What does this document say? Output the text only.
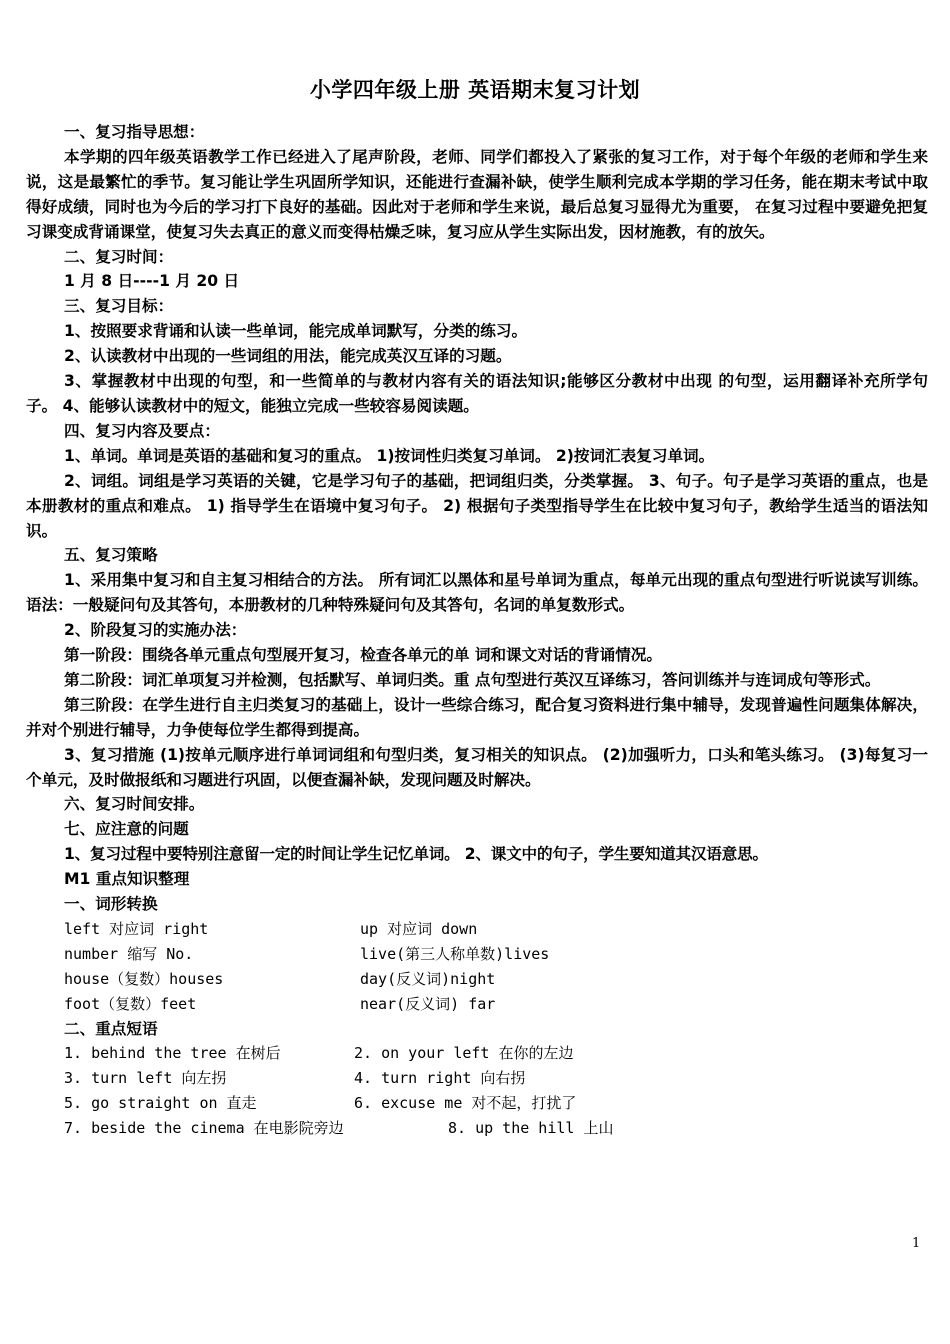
小学四年级上册 英语期末复习计划

一、复习指导思想：

本学期的四年级英语教学工作已经进入了尾声阶段，老师、同学们都投入了紧张的复习工作，对于每个年级的老师和学生来说，这是最繁忙的季节。复习能让学生巩固所学知识，还能进行查漏补缺，使学生顺利完成本学期的学习任务，能在期末考试中取得好成绩，同时也为今后的学习打下良好的基础。因此对于老师和学生来说，最后总复习显得尤为重要， 在复习过程中要避免把复习课变成背诵课堂，使复习失去真正的意义而变得枯燥乏味，复习应从学生实际出发，因材施教，有的放矢。

二、复习时间：

1 月 8 日----1 月 20 日

三、复习目标：

1、按照要求背诵和认读一些单词，能完成单词默写，分类的练习。

2、认读教材中出现的一些词组的用法，能完成英汉互译的习题。

3、掌握教材中出现的句型，和一些简单的与教材内容有关的语法知识;能够区分教材中出现 的句型，运用翻译补充所学句子。 4、能够认读教材中的短文，能独立完成一些较容易阅读题。

四、复习内容及要点：

1、单词。单词是英语的基础和复习的重点。 1)按词性归类复习单词。 2)按词汇表复习单词。

2、词组。词组是学习英语的关键，它是学习句子的基础，把词组归类，分类掌握。 3、句子。句子是学习英语的重点，也是本册教材的重点和难点。 1) 指导学生在语境中复习句子。 2) 根据句子类型指导学生在比较中复习句子，教给学生适当的语法知识。

五、复习策略

1、采用集中复习和自主复习相结合的方法。 所有词汇以黑体和星号单词为重点，每单元出现的重点句型进行听说读写训练。 语法：一般疑问句及其答句，本册教材的几种特殊疑问句及其答句，名词的单复数形式。

2、阶段复习的实施办法：

第一阶段：围绕各单元重点句型展开复习，检查各单元的单 词和课文对话的背诵情况。

第二阶段：词汇单项复习并检测，包括默写、单词归类。重 点句型进行英汉互译练习，答问训练并与连词成句等形式。

第三阶段：在学生进行自主归类复习的基础上，设计一些综合练习，配合复习资料进行集中辅导，发现普遍性问题集体解决，并对个别进行辅导，力争使每位学生都得到提高。

3、复习措施 (1)按单元顺序进行单词词组和句型归类，复习相关的知识点。 (2)加强听力，口头和笔头练习。 (3)每复习一个单元，及时做报纸和习题进行巩固，以便查漏补缺，发现问题及时解决。

六、复习时间安排。

七、应注意的问题

1、复习过程中要特别注意留一定的时间让学生记忆单词。 2、课文中的句子，学生要知道其汉语意思。

M1 重点知识整理

一、词形转换

left 对应词 right	up 对应词 down
number 缩写 No.	live(第三人称单数)lives
house（复数）houses	day(反义词)night
foot（复数）feet	near(反义词) far

二、重点短语

1. behind the tree 在树后	2. on your left 在你的左边
3. turn left 向左拐	4. turn right 向右拐
5. go straight on 直走	6. excuse me 对不起，打扰了
7. beside the cinema 在电影院旁边	8. up the hill 上山
1
